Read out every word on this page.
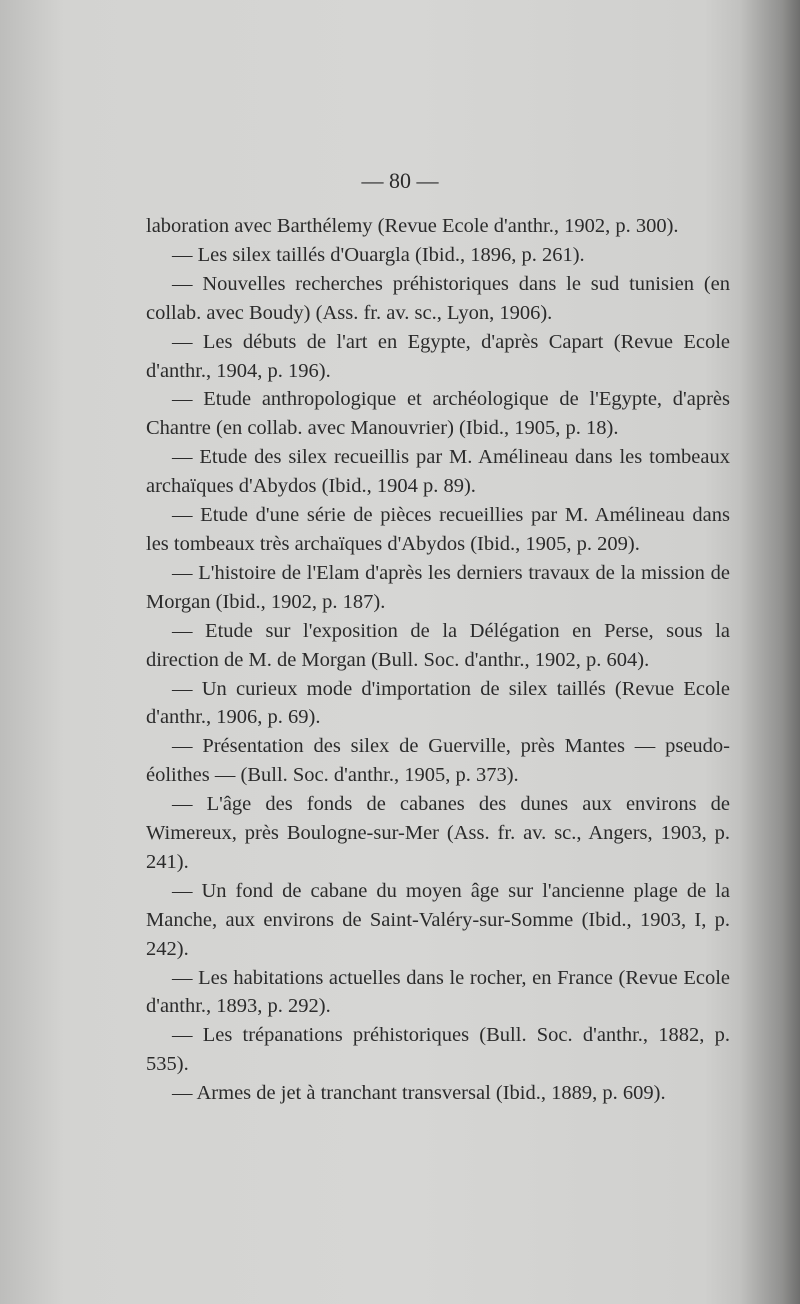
— 80 —

laboration avec Barthélemy (Revue Ecole d'anthr., 1902, p. 300).

— Les silex taillés d'Ouargla (Ibid., 1896, p. 261).

— Nouvelles recherches préhistoriques dans le sud tunisien (en collab. avec Boudy) (Ass. fr. av. sc., Lyon, 1906).

— Les débuts de l'art en Egypte, d'après Capart (Revue Ecole d'anthr., 1904, p. 196).

— Etude anthropologique et archéologique de l'Egypte, d'après Chantre (en collab. avec Manouvrier) (Ibid., 1905, p. 18).

— Etude des silex recueillis par M. Amélineau dans les tombeaux archaïques d'Abydos (Ibid., 1904 p. 89).

— Etude d'une série de pièces recueillies par M. Amélineau dans les tombeaux très archaïques d'Abydos (Ibid., 1905, p. 209).

— L'histoire de l'Elam d'après les derniers travaux de la mission de Morgan (Ibid., 1902, p. 187).

— Etude sur l'exposition de la Délégation en Perse, sous la direction de M. de Morgan (Bull. Soc. d'anthr., 1902, p. 604).

— Un curieux mode d'importation de silex taillés (Revue Ecole d'anthr., 1906, p. 69).

— Présentation des silex de Guerville, près Mantes — pseudo-éolithes — (Bull. Soc. d'anthr., 1905, p. 373).

— L'âge des fonds de cabanes des dunes aux environs de Wimereux, près Boulogne-sur-Mer (Ass. fr. av. sc., Angers, 1903, p. 241).

— Un fond de cabane du moyen âge sur l'ancienne plage de la Manche, aux environs de Saint-Valéry-sur-Somme (Ibid., 1903, I, p. 242).

— Les habitations actuelles dans le rocher, en France (Revue Ecole d'anthr., 1893, p. 292).

— Les trépanations préhistoriques (Bull. Soc. d'anthr., 1882, p. 535).

— Armes de jet à tranchant transversal (Ibid., 1889, p. 609).
